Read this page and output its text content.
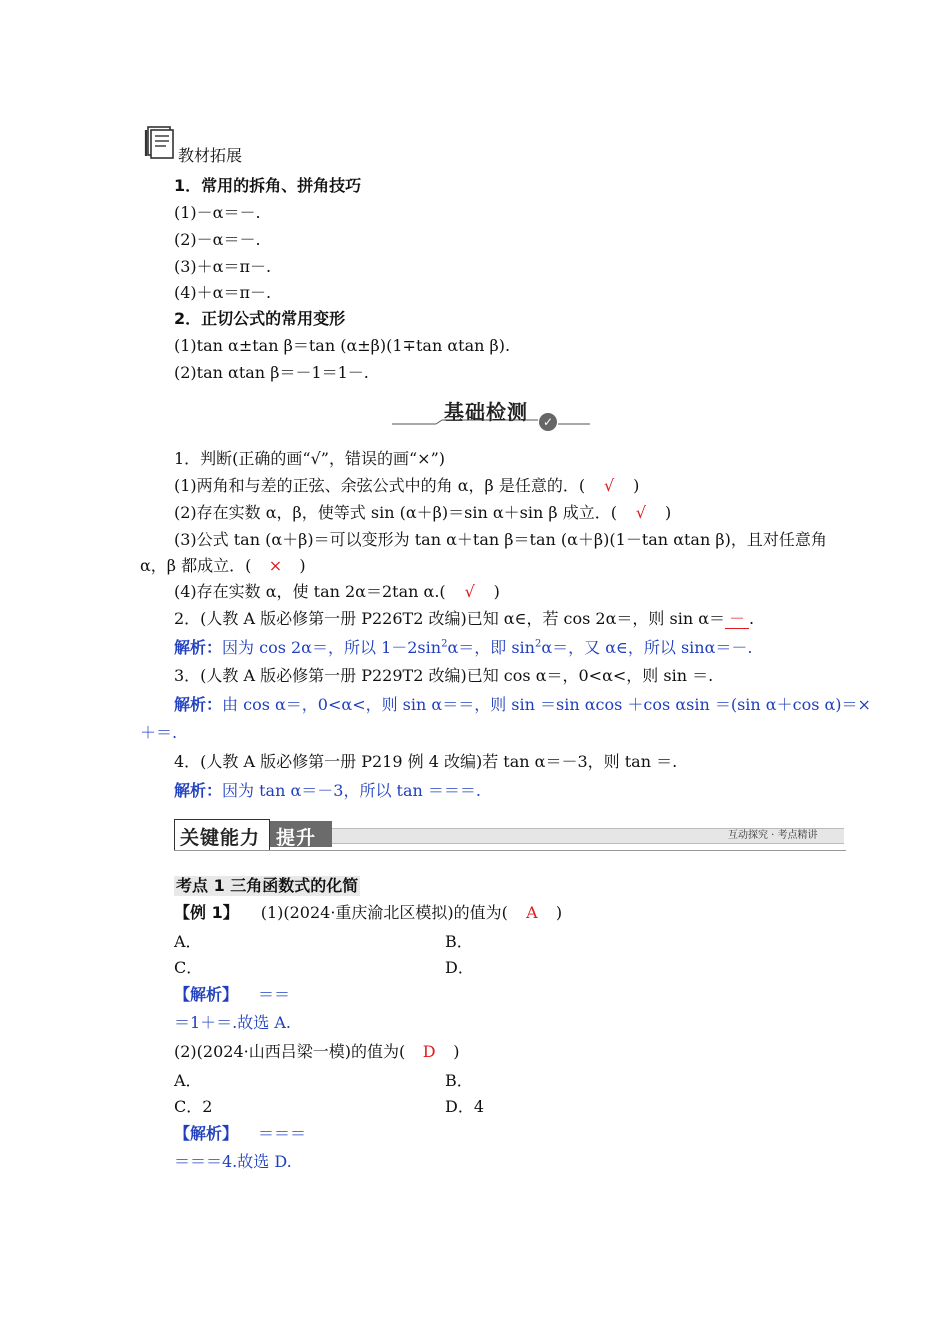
教材拓展
1．常用的拆角、拼角技巧
(1)－α＝－.
(2)－α＝－.
(3)＋α＝π－.
(4)＋α＝π－.
2．正切公式的常用变形
(1)tan α±tan β＝tan (α±β)(1∓tan αtan β).
(2)tan αtan β＝－1＝1－.
✓
基础检测
1．判断(正确的画“√”，错误的画“×”)
(1)两角和与差的正弦、余弦公式中的角 α，β 是任意的．( √ )
(2)存在实数 α，β，使等式 sin (α＋β)＝sin α＋sin β 成立．( √ )
(3)公式 tan (α＋β)＝可以变形为 tan α＋tan β＝tan (α＋β)(1－tan αtan β)，且对任意角
α，β 都成立．( × )
(4)存在实数 α，使 tan 2α＝2tan α.( √ )
2．(人教 A 版必修第一册 P226T2 改编)已知 α∈，若 cos 2α＝，则 sin α＝ － .
解析：因为 cos 2α＝，所以 $1-2\sin^2\alpha=$，即 $\sin^2\alpha=$，又 α∈，所以 sinα＝－.
3．(人教 A 版必修第一册 P229T2 改编)已知 cos α＝，0<α<，则 sin ＝.
解析：由 cos α＝，0<α<，则 sin α＝＝，则 sin ＝sin αcos ＋cos αsin ＝(sin α＋cos α)＝×
＋＝.
4．(人教 A 版必修第一册 P219 例 4 改编)若 tan α＝－3，则 tan ＝.
解析：因为 tan α＝－3，所以 tan ＝＝＝.
关键能力 提升	互动探究 · 考点精讲
考点 1 三角函数式的化简
【例 1】 (1)(2024·重庆渝北区模拟)的值为( A )
A．	B．
C．	D．
【解析】 ＝＝
＝1＋＝.故选 A.
(2)(2024·山西吕梁一模)的值为( D )
A．	B．
C．2	D．4
【解析】 ＝＝＝
＝＝＝4.故选 D.
